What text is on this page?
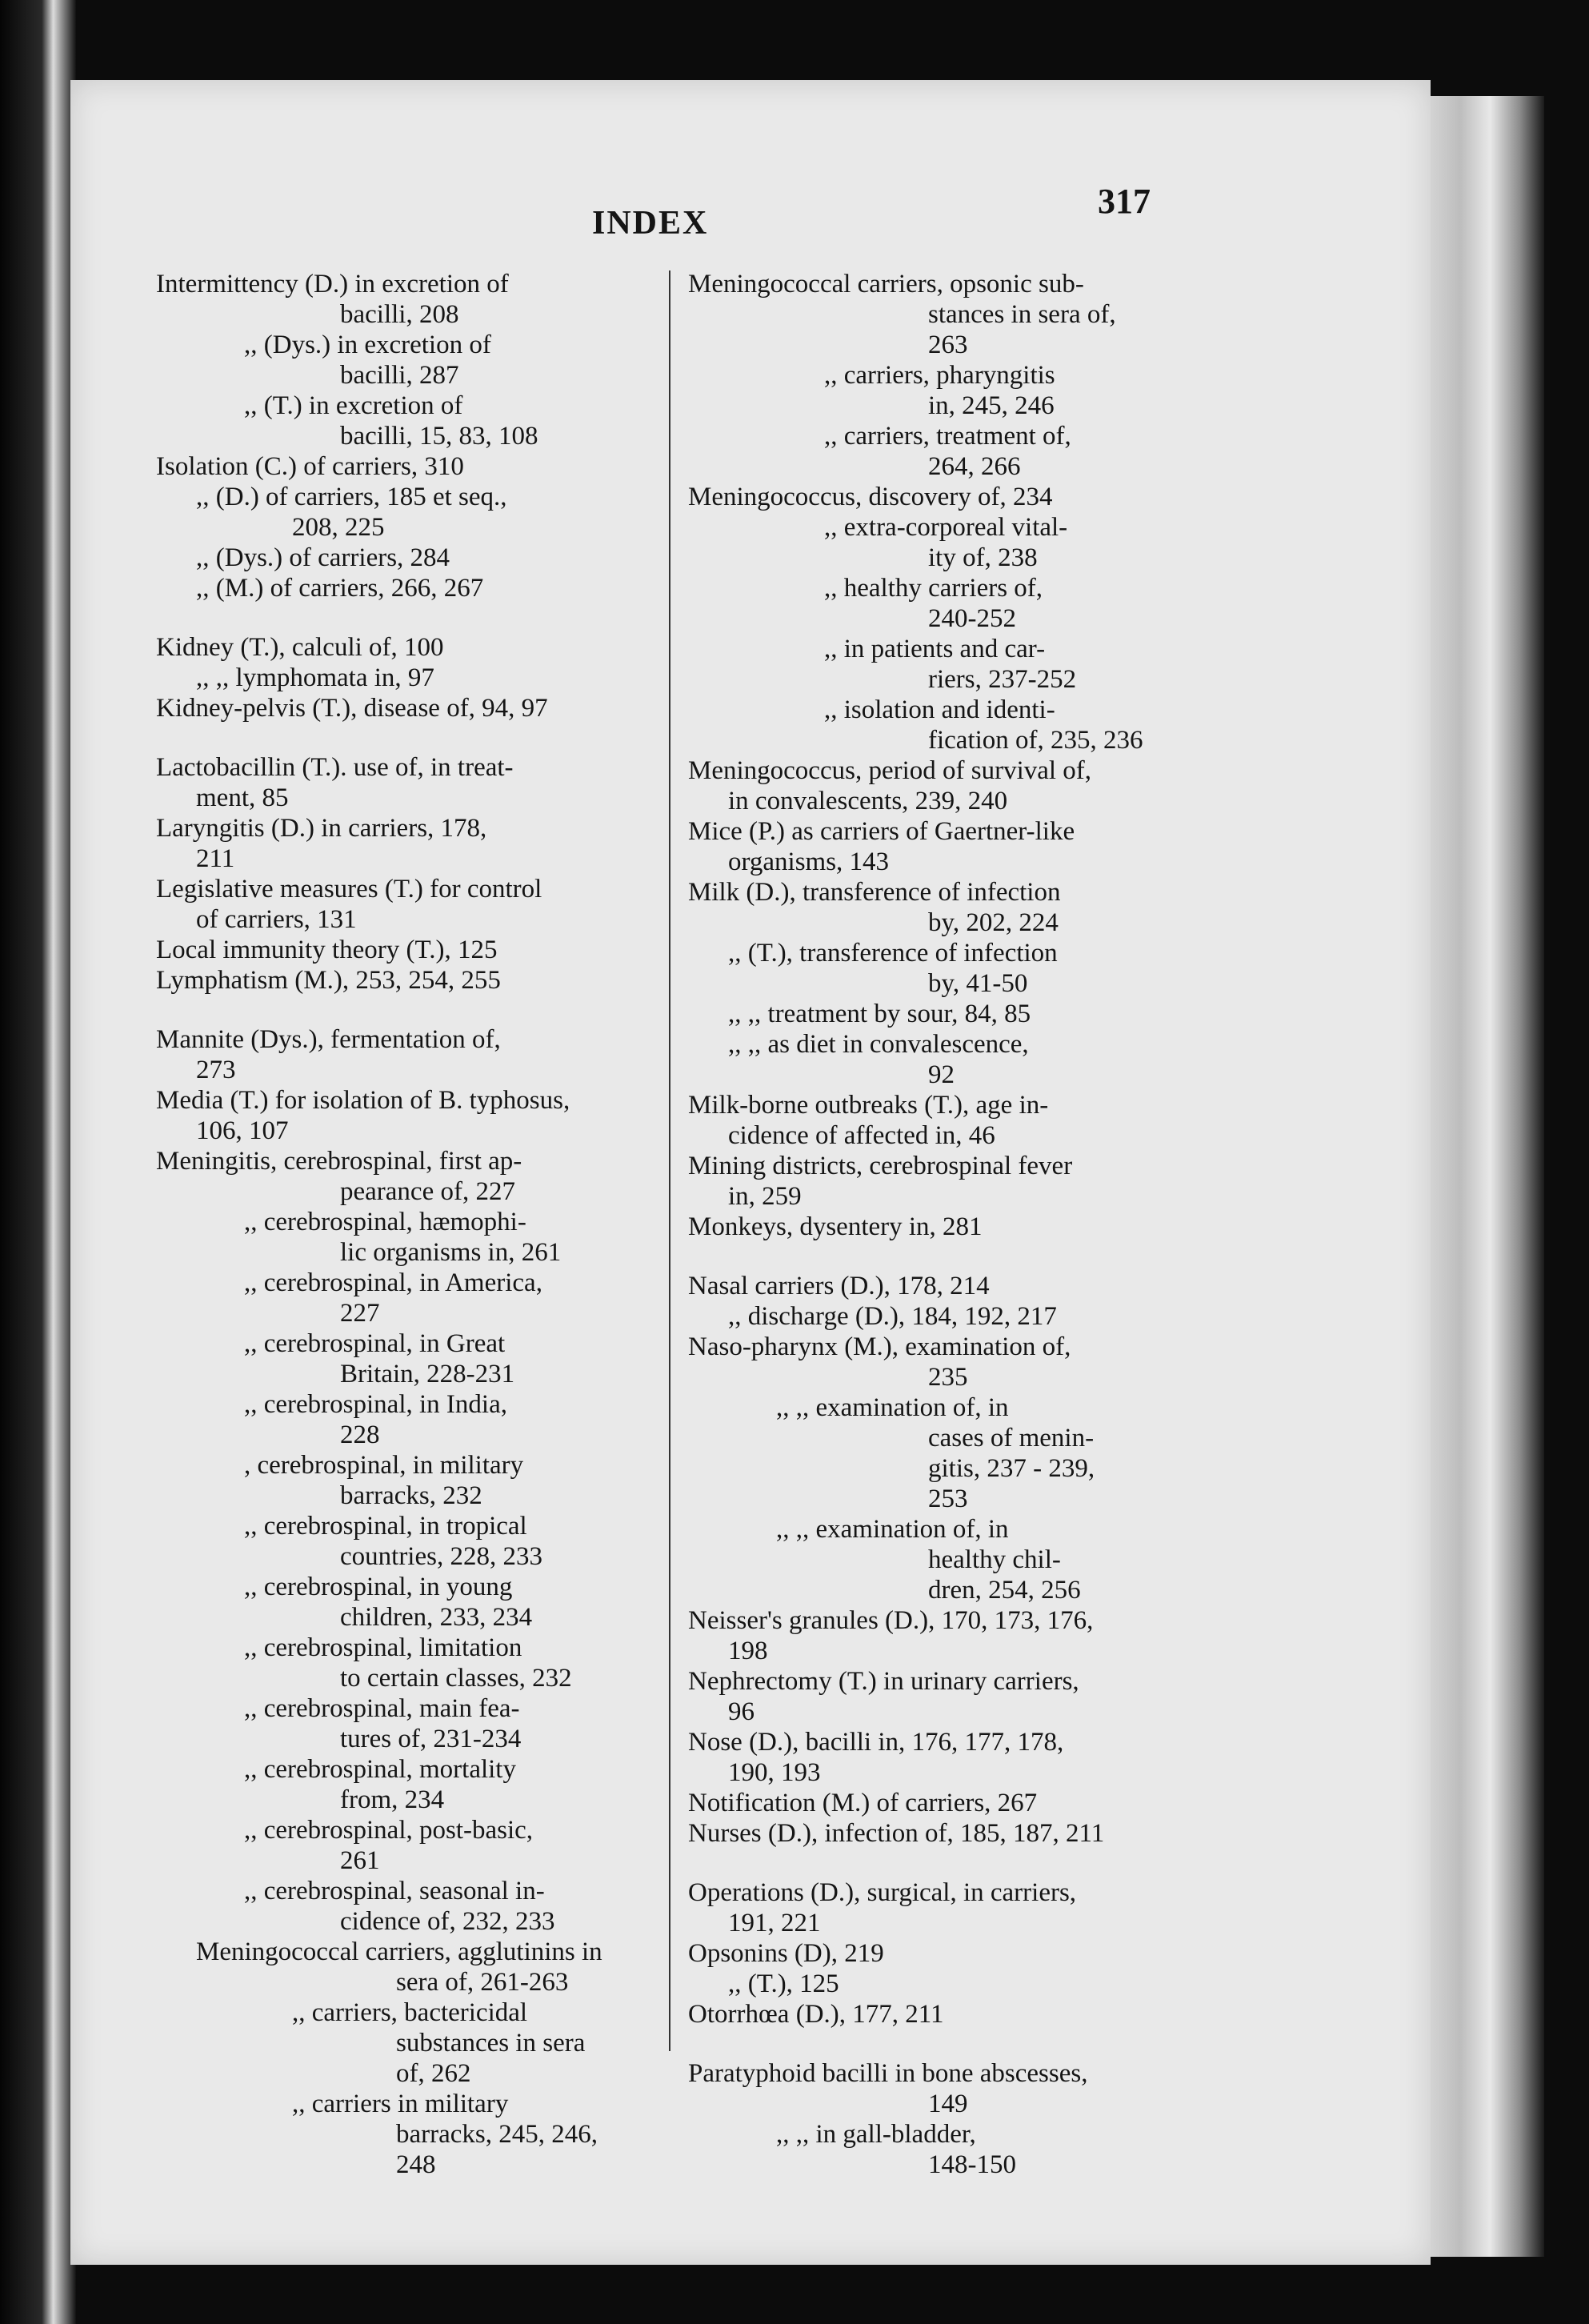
INDEX
317
Intermittency (D.) in excretion of
bacilli, 208
,, (Dys.) in excretion of
bacilli, 287
,, (T.) in excretion of
bacilli, 15, 83, 108
Isolation (C.) of carriers, 310
,, (D.) of carriers, 185 et seq.,
208, 225
,, (Dys.) of carriers, 284
,, (M.) of carriers, 266, 267
Kidney (T.), calculi of, 100
,, ,, lymphomata in, 97
Kidney-pelvis (T.), disease of, 94, 97
Lactobacillin (T.). use of, in treat-
ment, 85
Laryngitis (D.) in carriers, 178,
211
Legislative measures (T.) for control
of carriers, 131
Local immunity theory (T.), 125
Lymphatism (M.), 253, 254, 255
Mannite (Dys.), fermentation of,
273
Media (T.) for isolation of B. typhosus,
106, 107
Meningitis, cerebrospinal, first ap-
pearance of, 227
,, cerebrospinal, hæmophi-
lic organisms in, 261
,, cerebrospinal, in America,
227
,, cerebrospinal, in Great
Britain, 228-231
,, cerebrospinal, in India,
228
, cerebrospinal, in military
barracks, 232
,, cerebrospinal, in tropical
countries, 228, 233
,, cerebrospinal, in young
children, 233, 234
,, cerebrospinal, limitation
to certain classes, 232
,, cerebrospinal, main fea-
tures of, 231-234
,, cerebrospinal, mortality
from, 234
,, cerebrospinal, post-basic,
261
,, cerebrospinal, seasonal in-
cidence of, 232, 233
Meningococcal carriers, agglutinins in
sera of, 261-263
,, carriers, bactericidal
substances in sera
of, 262
,, carriers in military
barracks, 245, 246,
248
Meningococcal carriers, opsonic sub-
stances in sera of,
263
,, carriers, pharyngitis
in, 245, 246
,, carriers, treatment of,
264, 266
Meningococcus, discovery of, 234
,, extra-corporeal vital-
ity of, 238
,, healthy carriers of,
240-252
,, in patients and car-
riers, 237-252
,, isolation and identi-
fication of, 235, 236
Meningococcus, period of survival of,
in convalescents, 239, 240
Mice (P.) as carriers of Gaertner-like
organisms, 143
Milk (D.), transference of infection
by, 202, 224
,, (T.), transference of infection
by, 41-50
,, ,, treatment by sour, 84, 85
,, ,, as diet in convalescence,
92
Milk-borne outbreaks (T.), age in-
cidence of affected in, 46
Mining districts, cerebrospinal fever
in, 259
Monkeys, dysentery in, 281
Nasal carriers (D.), 178, 214
,, discharge (D.), 184, 192, 217
Naso-pharynx (M.), examination of,
235
,, ,, examination of, in
cases of menin-
gitis, 237 - 239,
253
,, ,, examination of, in
healthy chil-
dren, 254, 256
Neisser's granules (D.), 170, 173, 176,
198
Nephrectomy (T.) in urinary carriers,
96
Nose (D.), bacilli in, 176, 177, 178,
190, 193
Notification (M.) of carriers, 267
Nurses (D.), infection of, 185, 187, 211
Operations (D.), surgical, in carriers,
191, 221
Opsonins (D), 219
,, (T.), 125
Otorrhœa (D.), 177, 211
Paratyphoid bacilli in bone abscesses,
149
,, ,, in gall-bladder,
148-150
